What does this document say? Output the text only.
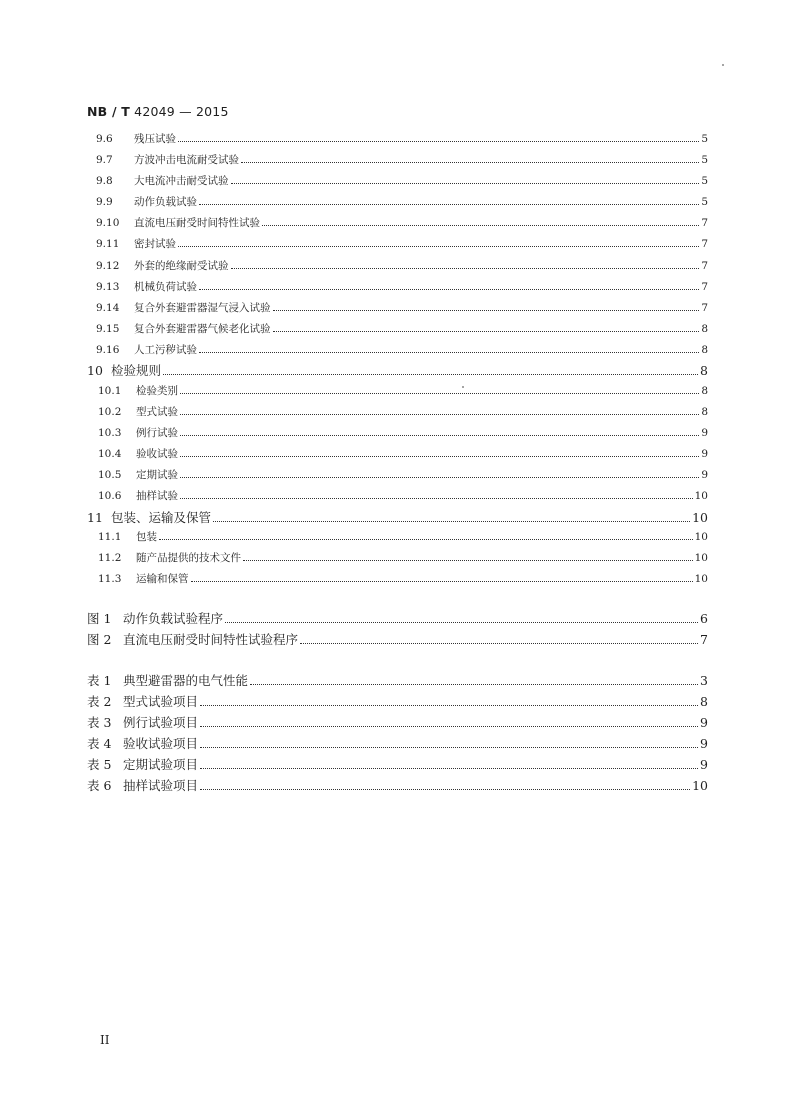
NB / T 42049 — 2015
9.6	残压试验	5
9.7	方波冲击电流耐受试验	5
9.8	大电流冲击耐受试验	5
9.9	动作负载试验	5
9.10	直流电压耐受时间特性试验	7
9.11	密封试验	7
9.12	外套的绝缘耐受试验	7
9.13	机械负荷试验	7
9.14	复合外套避雷器湿气浸入试验	7
9.15	复合外套避雷器气候老化试验	8
9.16	人工污秽试验	8
10 检验规则	8
10.1	检验类别	8
10.2	型式试验	8
10.3	例行试验	9
10.4	验收试验	9
10.5	定期试验	9
10.6	抽样试验	10
11 包装、运输及保管	10
11.1	包装	10
11.2	随产品提供的技术文件	10
11.3	运输和保管	10
图 1 动作负载试验程序	6
图 2 直流电压耐受时间特性试验程序	7
表 1 典型避雷器的电气性能	3
表 2 型式试验项目	8
表 3 例行试验项目	9
表 4 验收试验项目	9
表 5 定期试验项目	9
表 6 抽样试验项目	10
II
